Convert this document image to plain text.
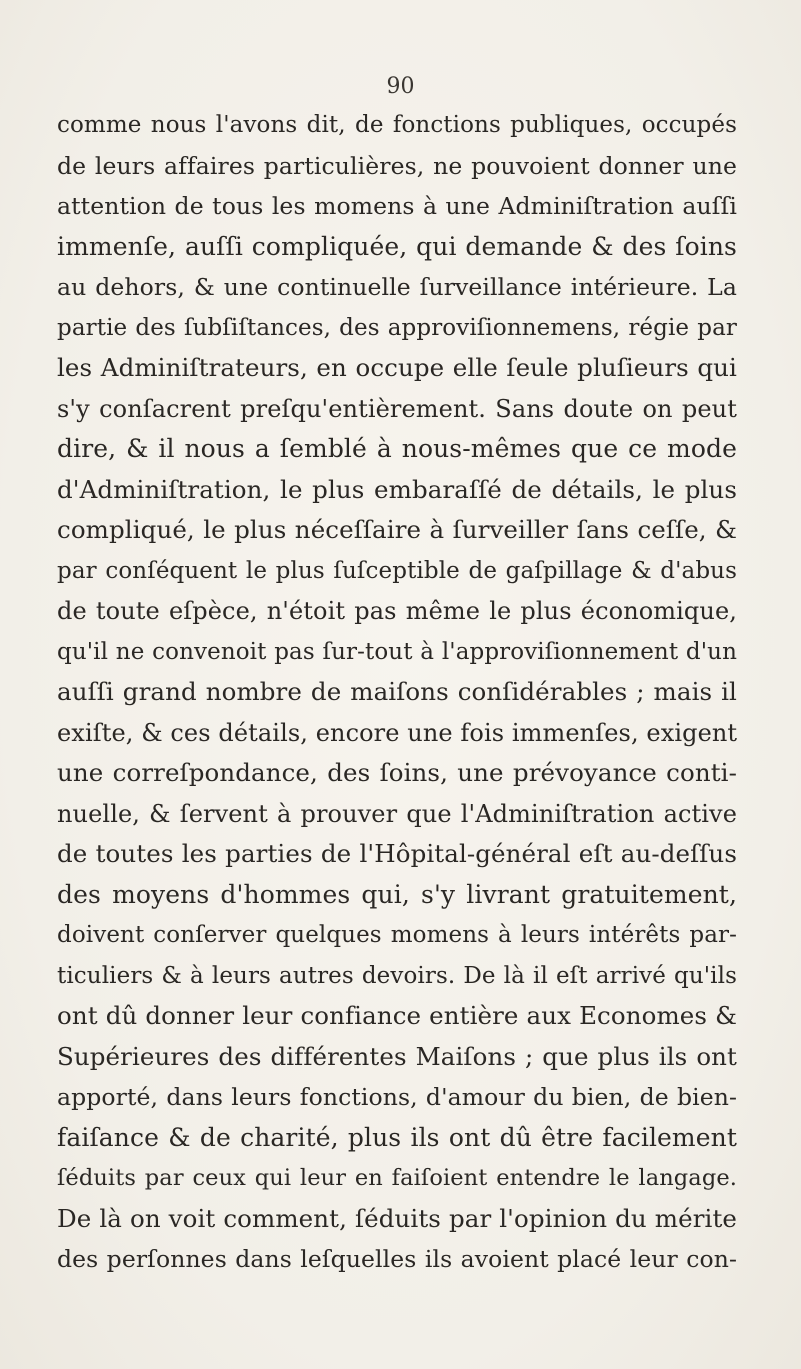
90
comme nous l'avons dit, de fonctions publiques, occupés
de leurs affaires particulières, ne pouvoient donner une
attention de tous les momens à une Adminiſtration auſſi
immenſe, auſſi compliquée, qui demande & des ſoins
au dehors, & une continuelle ſurveillance intérieure. La
partie des ſubſiſtances, des approviſionnemens, régie par
les Adminiſtrateurs, en occupe elle ſeule pluſieurs qui
s'y conſacrent preſqu'entièrement. Sans doute on peut
dire, & il nous a ſemblé à nous-mêmes que ce mode
d'Adminiſtration, le plus embaraſſé de détails, le plus
compliqué, le plus néceſſaire à ſurveiller ſans ceſſe, &
par conſéquent le plus ſuſceptible de gaſpillage & d'abus
de toute eſpèce, n'étoit pas même le plus économique,
qu'il ne convenoit pas ſur-tout à l'approviſionnement d'un
auſſi grand nombre de maiſons conſidérables ; mais il
exiſte, & ces détails, encore une fois immenſes, exigent
une correſpondance, des ſoins, une prévoyance conti-
nuelle, & ſervent à prouver que l'Adminiſtration active
de toutes les parties de l'Hôpital-général eſt au-deſſus
des moyens d'hommes qui, s'y livrant gratuitement,
doivent conſerver quelques momens à leurs intérêts par-
ticuliers & à leurs autres devoirs. De là il eſt arrivé qu'ils
ont dû donner leur confiance entière aux Economes &
Supérieures des différentes Maiſons ; que plus ils ont
apporté, dans leurs fonctions, d'amour du bien, de bien-
faiſance & de charité, plus ils ont dû être facilement
ſéduits par ceux qui leur en faiſoient entendre le langage.
De là on voit comment, ſéduits par l'opinion du mérite
des perſonnes dans leſquelles ils avoient placé leur con-
